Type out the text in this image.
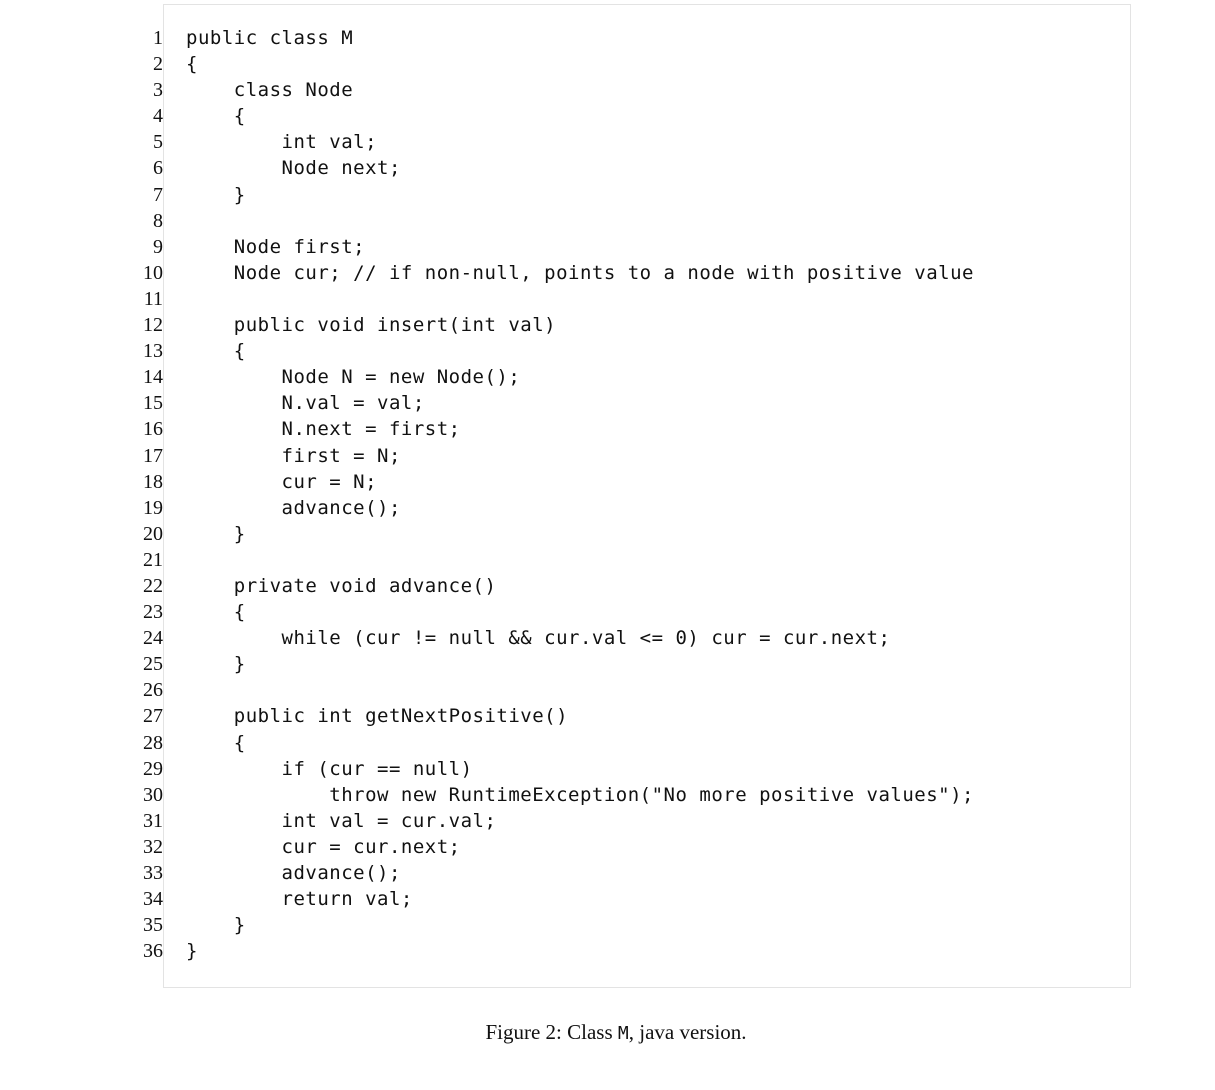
1 public class M
2 {
3 class Node
4 {
5 int val;
6 Node next;
7 }
8
9 Node first;
10 Node cur; // if non-null, points to a node with positive value
11
12 public void insert(int val)
13 {
14 Node N = new Node();
15 N.val = val;
16 N.next = first;
17 first = N;
18 cur = N;
19 advance();
20 }
21
22 private void advance()
23 {
24 while (cur != null && cur.val <= 0) cur = cur.next;
25 }
26
27 public int getNextPositive()
28 {
29 if (cur == null)
30 throw new RuntimeException("No more positive values");
31 int val = cur.val;
32 cur = cur.next;
33 advance();
34 return val;
35 }
36 }
Figure 2: Class M, java version.
